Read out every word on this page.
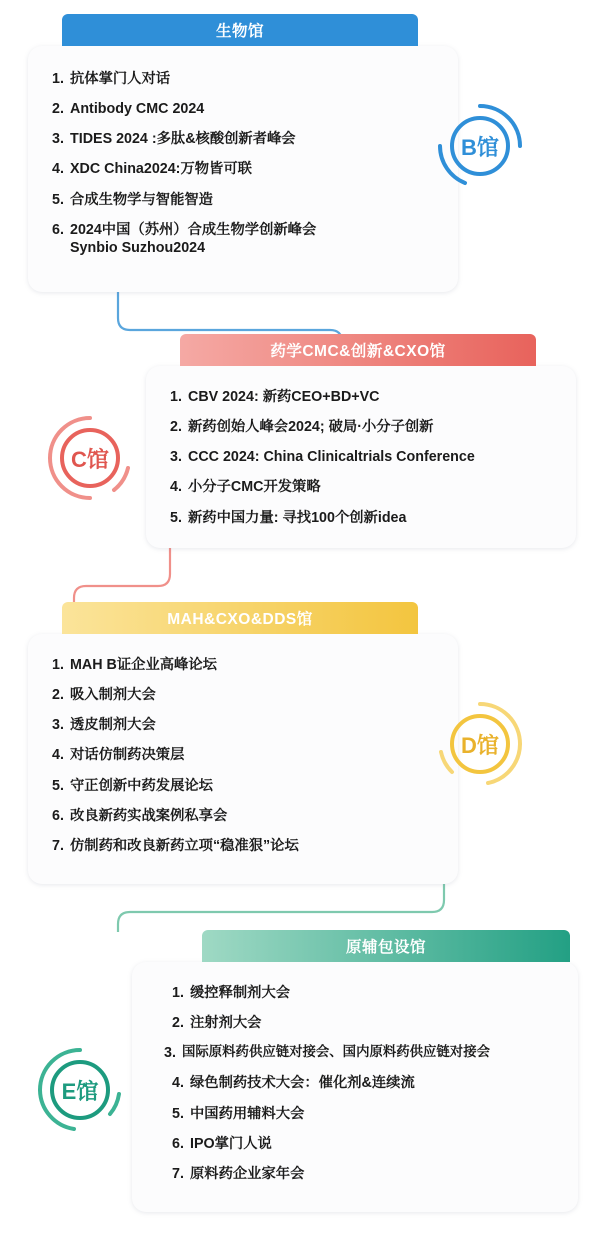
生物馆
1. 抗体掌门人对话
2. Antibody CMC 2024
3. TIDES 2024 :多肽&核酸创新者峰会
4. XDC China2024:万物皆可联
5. 合成生物学与智能智造
6. 2024中国（苏州）合成生物学创新峰会
Synbio Suzhou2024
B馆
药学CMC&创新&CXO馆
1. CBV 2024: 新药CEO+BD+VC
2. 新药创始人峰会2024; 破局·小分子创新
3. CCC 2024: China Clinicaltrials Conference
4. 小分子CMC开发策略
5. 新药中国力量: 寻找100个创新idea
C馆
MAH&CXO&DDS馆
1. MAH B证企业高峰论坛
2. 吸入制剂大会
3. 透皮制剂大会
4. 对话仿制药决策层
5. 守正创新中药发展论坛
6. 改良新药实战案例私享会
7. 仿制药和改良新药立项“稳准狠”论坛
D馆
原辅包设馆
1. 缓控释制剂大会
2. 注射剂大会
3. 国际原料药供应链对接会、国内原料药供应链对接会
4. 绿色制药技术大会：催化剂&连续流
5. 中国药用辅料大会
6. IPO掌门人说
7. 原料药企业家年会
E馆
